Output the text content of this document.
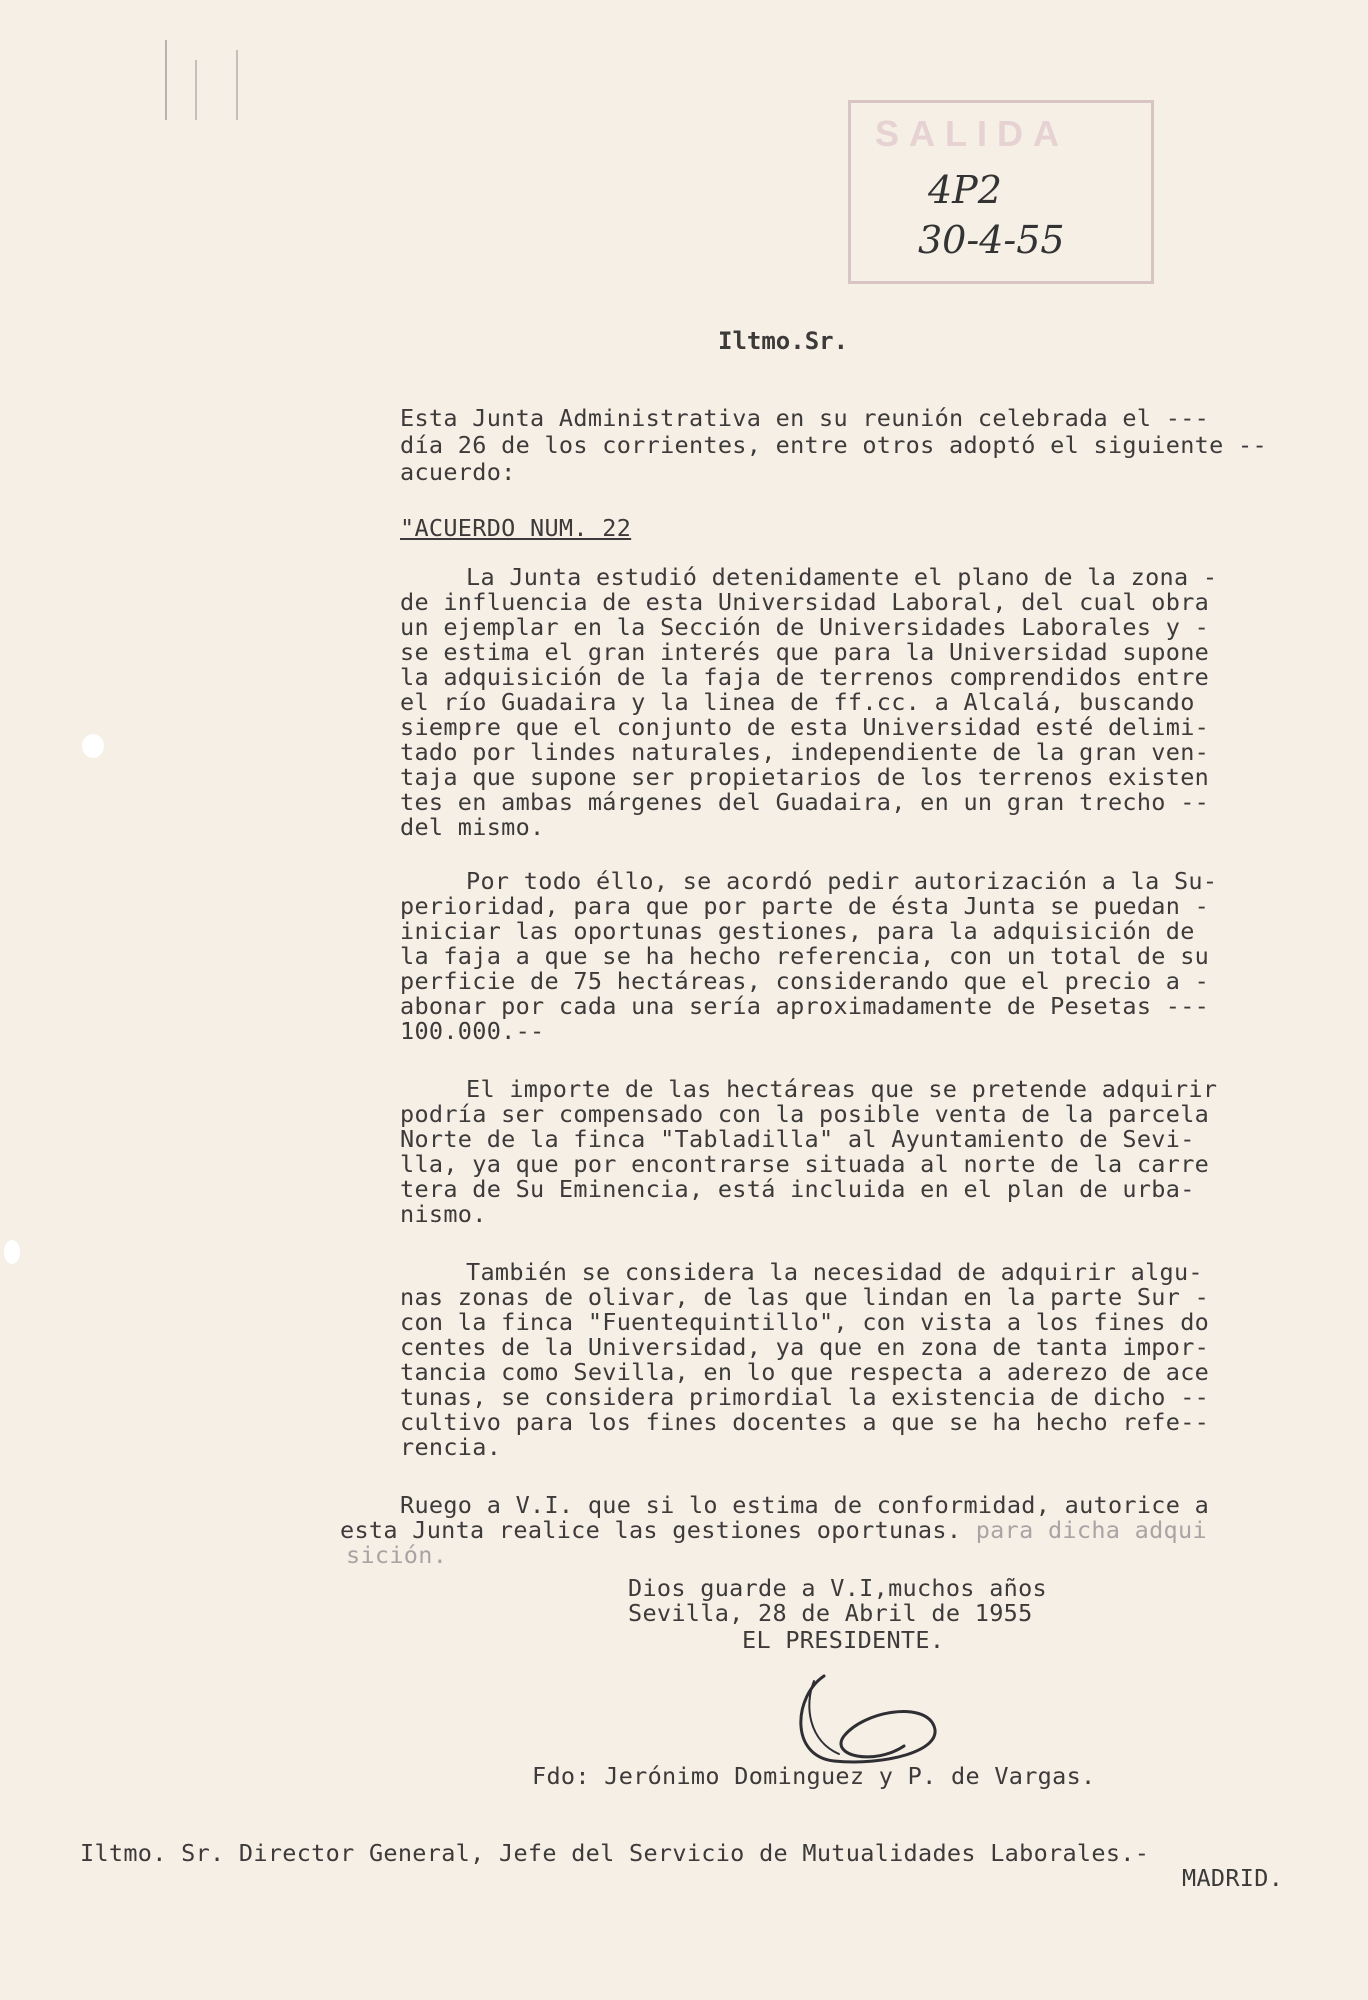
SALIDA
4P2
30-4-55
Iltmo.Sr.
Esta Junta Administrativa en su reunión celebrada el ---
día 26 de los corrientes, entre otros adoptó el siguiente --
acuerdo:
"ACUERDO NUM. 22
La Junta estudió detenidamente el plano de la zona -
de influencia de esta Universidad Laboral, del cual obra
un ejemplar en la Sección de Universidades Laborales y -
se estima el gran interés que para la Universidad supone
la adquisición de la faja de terrenos comprendidos entre
el río Guadaira y la linea de ff.cc. a Alcalá, buscando
siempre que el conjunto de esta Universidad esté delimi-
tado por lindes naturales, independiente de la gran ven-
taja que supone ser propietarios de los terrenos existen
tes en ambas márgenes del Guadaira, en un gran trecho --
del mismo.
Por todo éllo, se acordó pedir autorización a la Su-
perioridad, para que por parte de ésta Junta se puedan -
iniciar las oportunas gestiones, para la adquisición de
la faja a que se ha hecho referencia, con un total de su
perficie de 75 hectáreas, considerando que el precio a -
abonar por cada una sería aproximadamente de Pesetas ---
100.000.--
El importe de las hectáreas que se pretende adquirir
podría ser compensado con la posible venta de la parcela
Norte de la finca "Tabladilla" al Ayuntamiento de Sevi-
lla, ya que por encontrarse situada al norte de la carre
tera de Su Eminencia, está incluida en el plan de urba-
nismo.
También se considera la necesidad de adquirir algu-
nas zonas de olivar, de las que lindan en la parte Sur -
con la finca "Fuentequintillo", con vista a los fines do
centes de la Universidad, ya que en zona de tanta impor-
tancia como Sevilla, en lo que respecta a aderezo de ace
tunas, se considera primordial la existencia de dicho --
cultivo para los fines docentes a que se ha hecho refe--
rencia.
Ruego a V.I. que si lo estima de conformidad, autorice a
esta Junta realice las gestiones oportunas. para dicha adqui
sición.
Dios guarde a V.I,muchos años
Sevilla, 28 de Abril de 1955
EL PRESIDENTE.
Fdo: Jerónimo Dominguez y P. de Vargas.
Iltmo. Sr. Director General, Jefe del Servicio de Mutualidades Laborales.-
MADRID.
